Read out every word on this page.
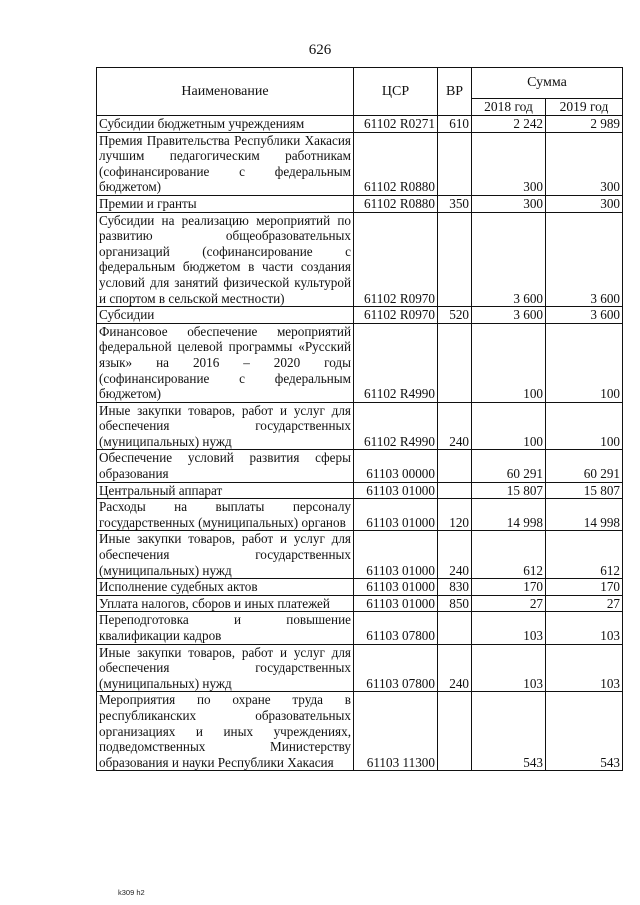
626
Наименование	ЦСР	ВР	Сумма	
			2018 год	2019 год
Субсидии бюджетным учреждениям	61102 R0271	610	2 242	2 989
Премия Правительства Республики Хакасия лучшим педагогическим работникам (софинансирование с федеральным бюджетом)	61102 R0880		300	300
Премии и гранты	61102 R0880	350	300	300
Субсидии на реализацию мероприятий по развитию общеобразовательных организаций (софинансирование с федеральным бюджетом в части создания условий для занятий физической культурой и спортом в сельской местности)	61102 R0970		3 600	3 600
Субсидии	61102 R0970	520	3 600	3 600
Финансовое обеспечение мероприятий федеральной целевой программы «Русский язык» на 2016 – 2020 годы (софинансирование с федеральным бюджетом)	61102 R4990		100	100
Иные закупки товаров, работ и услуг для обеспечения государственных (муниципальных) нужд	61102 R4990	240	100	100
Обеспечение условий развития сферы образования	61103 00000		60 291	60 291
Центральный аппарат	61103 01000		15 807	15 807
Расходы на выплаты персоналу государственных (муниципальных) органов	61103 01000	120	14 998	14 998
Иные закупки товаров, работ и услуг для обеспечения государственных (муниципальных) нужд	61103 01000	240	612	612
Исполнение судебных актов	61103 01000	830	170	170
Уплата налогов, сборов и иных платежей	61103 01000	850	27	27
Переподготовка и повышение квалификации кадров	61103 07800		103	103
Иные закупки товаров, работ и услуг для обеспечения государственных (муниципальных) нужд	61103 07800	240	103	103
Мероприятия по охране труда в республиканских образовательных организациях и иных учреждениях, подведомственных Министерству образования и науки Республики Хакасия	61103 11300		543	543
k309 h2
